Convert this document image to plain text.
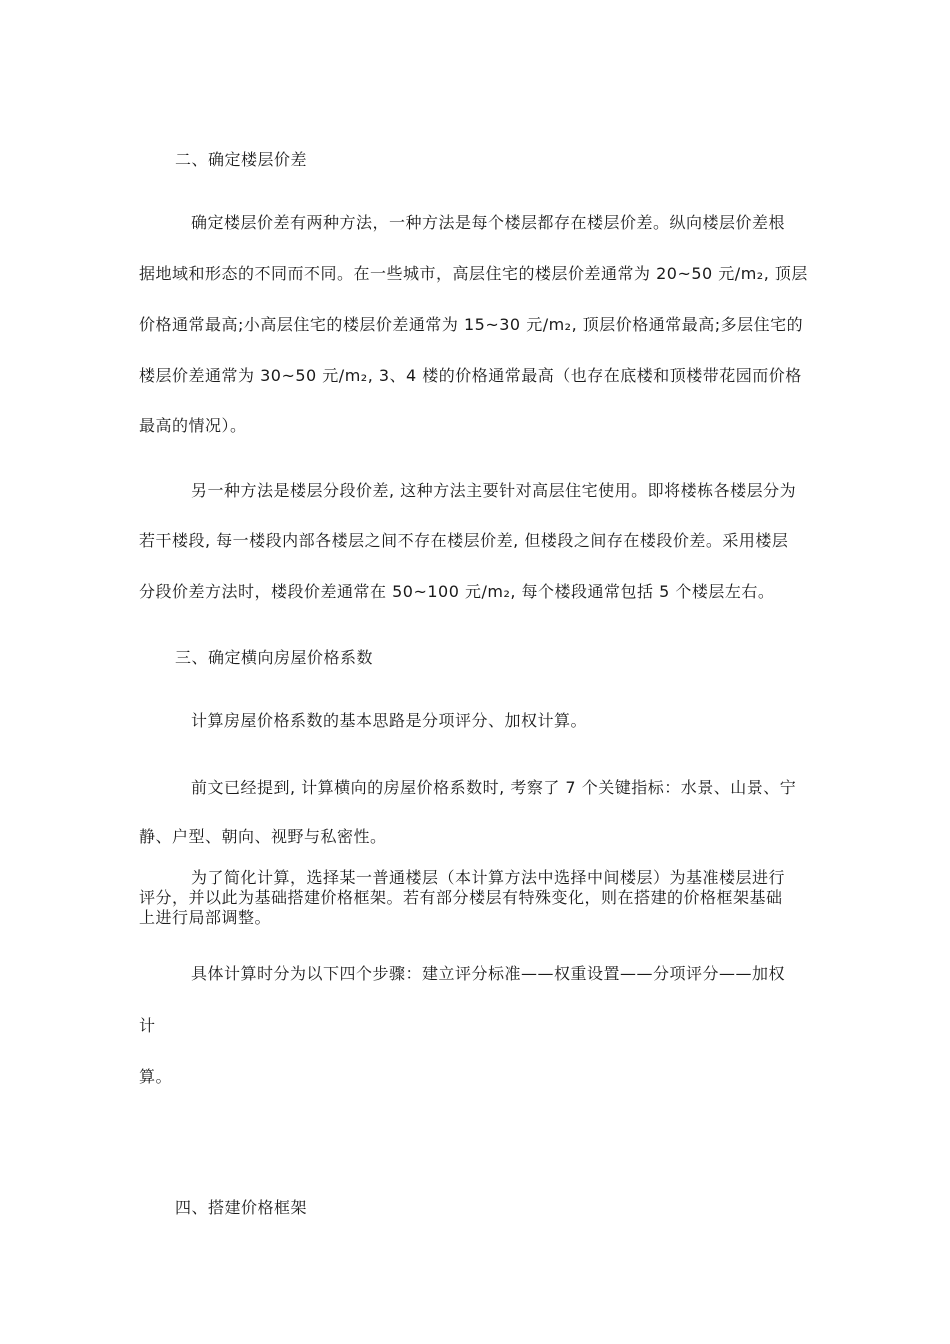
二、确定楼层价差
确定楼层价差有两种方法，一种方法是每个楼层都存在楼层价差。纵向楼层价差根
据地域和形态的不同而不同。在一些城市，高层住宅的楼层价差通常为 20~50 元/m₂, 顶层
价格通常最高;小高层住宅的楼层价差通常为 15~30 元/m₂, 顶层价格通常最高;多层住宅的
楼层价差通常为 30~50 元/m₂, 3、4 楼的价格通常最高（也存在底楼和顶楼带花园而价格
最高的情况）。
另一种方法是楼层分段价差, 这种方法主要针对高层住宅使用。即将楼栋各楼层分为
若干楼段, 每一楼段内部各楼层之间不存在楼层价差, 但楼段之间存在楼段价差。采用楼层
分段价差方法时，楼段价差通常在 50~100 元/m₂, 每个楼段通常包括 5 个楼层左右。
三、确定横向房屋价格系数
计算房屋价格系数的基本思路是分项评分、加权计算。
前文已经提到, 计算横向的房屋价格系数时, 考察了 7 个关键指标：水景、山景、宁
静、户型、朝向、视野与私密性。
为了简化计算，选择某一普通楼层（本计算方法中选择中间楼层）为基准楼层进行
评分，并以此为基础搭建价格框架。若有部分楼层有特殊变化，则在搭建的价格框架基础
上进行局部调整。
具体计算时分为以下四个步骤：建立评分标准——权重设置——分项评分——加权
计
算。
四、搭建价格框架
